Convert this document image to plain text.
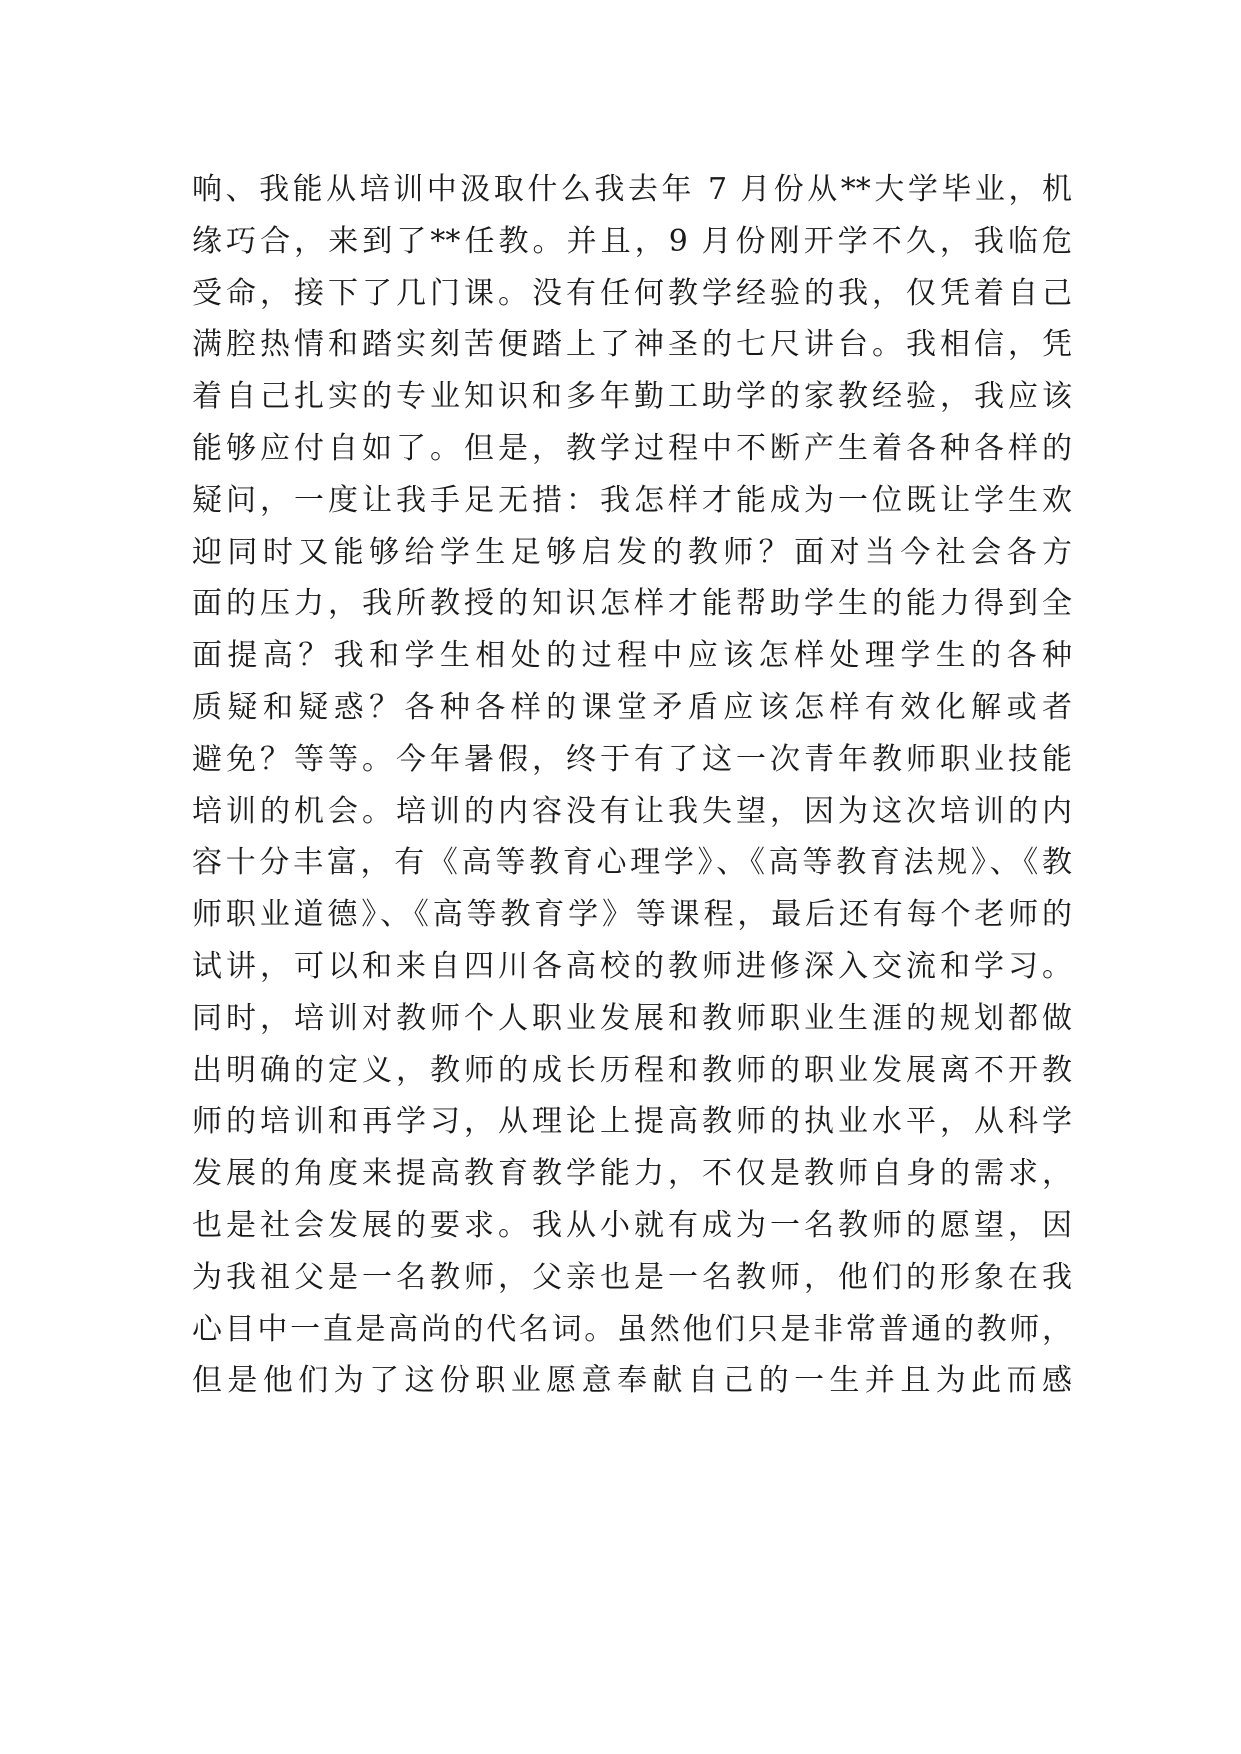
响、我能从培训中汲取什么我去年 7 月份从**大学毕业，机
缘巧合，来到了**任教。并且，9 月份刚开学不久，我临危
受命，接下了几门课。没有任何教学经验的我，仅凭着自己
满腔热情和踏实刻苦便踏上了神圣的七尺讲台。我相信，凭
着自己扎实的专业知识和多年勤工助学的家教经验，我应该
能够应付自如了。但是，教学过程中不断产生着各种各样的
疑问，一度让我手足无措：我怎样才能成为一位既让学生欢
迎同时又能够给学生足够启发的教师？面对当今社会各方
面的压力，我所教授的知识怎样才能帮助学生的能力得到全
面提高？我和学生相处的过程中应该怎样处理学生的各种
质疑和疑惑？各种各样的课堂矛盾应该怎样有效化解或者
避免？等等。今年暑假，终于有了这一次青年教师职业技能
培训的机会。培训的内容没有让我失望，因为这次培训的内
容十分丰富，有《高等教育心理学》、《高等教育法规》、《教
师职业道德》、《高等教育学》等课程，最后还有每个老师的
试讲，可以和来自四川各高校的教师进修深入交流和学习。
同时，培训对教师个人职业发展和教师职业生涯的规划都做
出明确的定义，教师的成长历程和教师的职业发展离不开教
师的培训和再学习，从理论上提高教师的执业水平，从科学
发展的角度来提高教育教学能力，不仅是教师自身的需求，
也是社会发展的要求。我从小就有成为一名教师的愿望，因
为我祖父是一名教师，父亲也是一名教师，他们的形象在我
心目中一直是高尚的代名词。虽然他们只是非常普通的教师，
但是他们为了这份职业愿意奉献自己的一生并且为此而感
